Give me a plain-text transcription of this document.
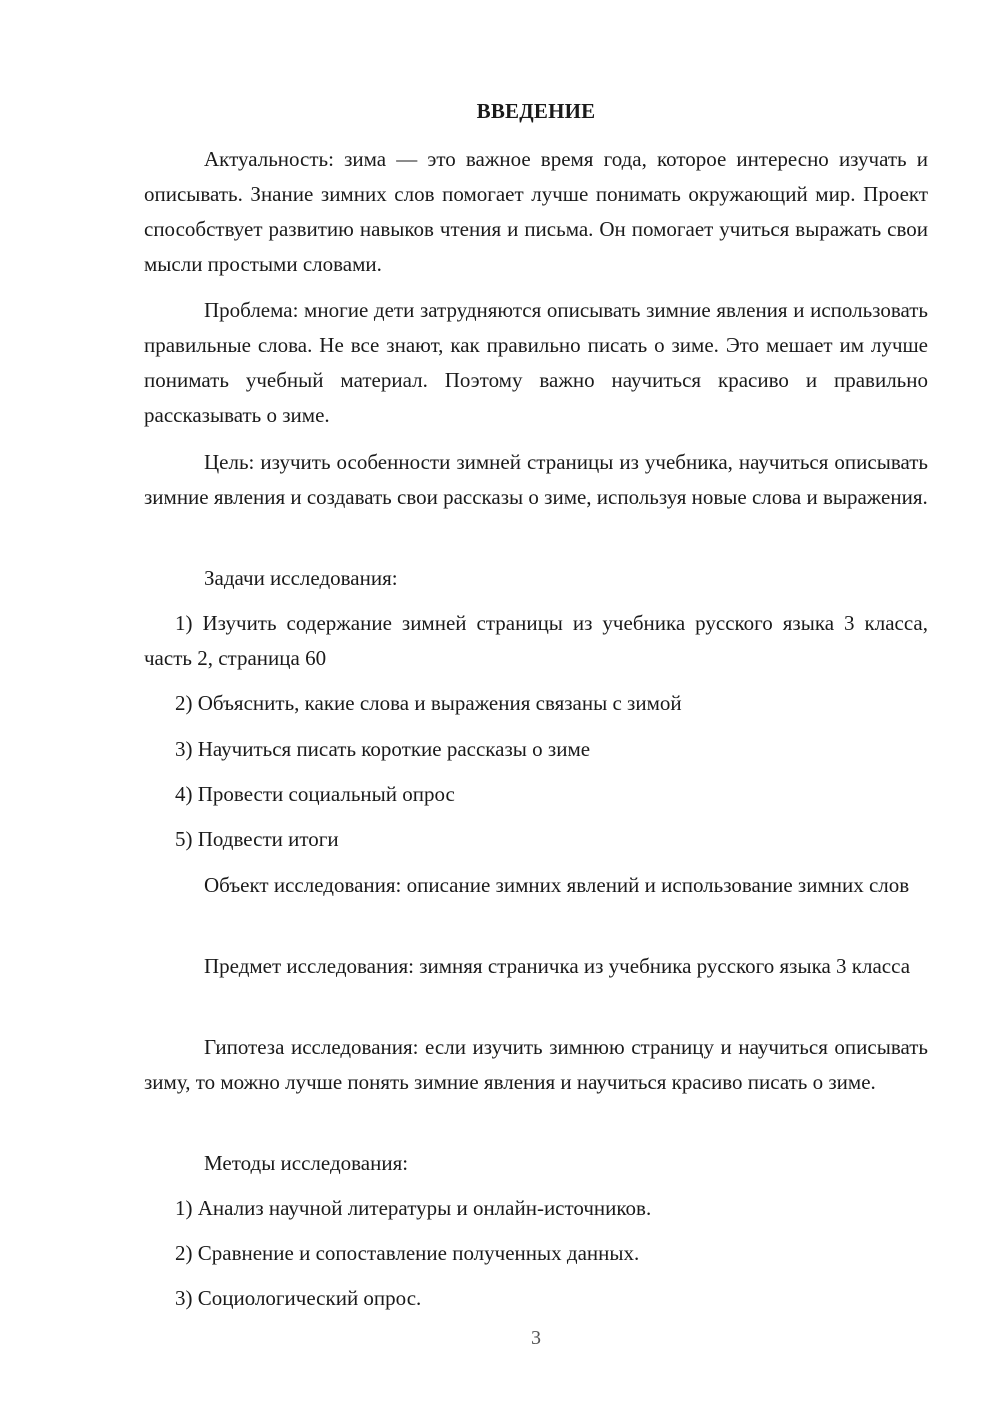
ВВЕДЕНИЕ

Актуальность: зима — это важное время года, которое интересно изучать и описывать. Знание зимних слов помогает лучше понимать окружающий мир. Проект способствует развитию навыков чтения и письма. Он помогает учиться выражать свои мысли простыми словами.

Проблема: многие дети затрудняются описывать зимние явления и использовать правильные слова. Не все знают, как правильно писать о зиме. Это мешает им лучше понимать учебный материал. Поэтому важно научиться красиво и правильно рассказывать о зиме.

Цель: изучить особенности зимней страницы из учебника, научиться описывать зимние явления и создавать свои рассказы о зиме, используя новые слова и выражения.

Задачи исследования:

1) Изучить содержание зимней страницы из учебника русского языка 3 класса, часть 2, страница 60

2) Объяснить, какие слова и выражения связаны с зимой

3) Научиться писать короткие рассказы о зиме

4) Провести социальный опрос

5) Подвести итоги

Объект исследования: описание зимних явлений и использование зимних слов

Предмет исследования: зимняя страничка из учебника русского языка 3 класса

Гипотеза исследования: если изучить зимнюю страницу и научиться описывать зиму, то можно лучше понять зимние явления и научиться красиво писать о зиме.

Методы исследования:

1) Анализ научной литературы и онлайн-источников.

2) Сравнение и сопоставление полученных данных.

3) Социологический опрос.

3
